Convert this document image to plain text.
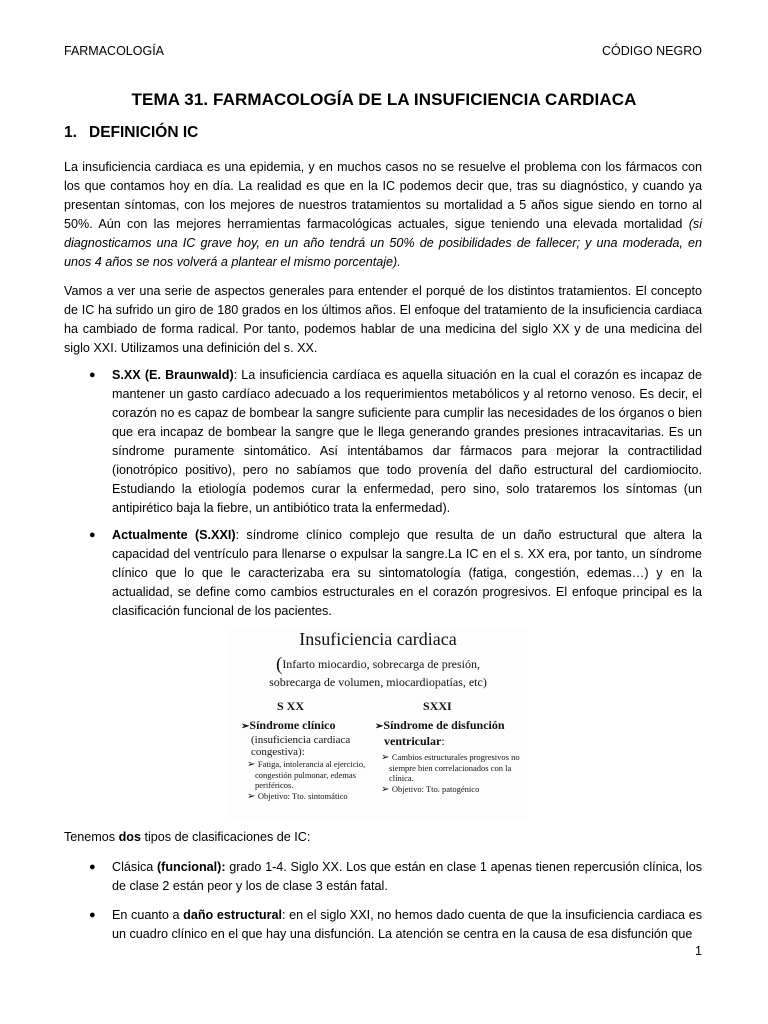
FARMACOLOGÍA	CÓDIGO NEGRO
TEMA 31. FARMACOLOGÍA DE LA INSUFICIENCIA CARDIACA
1. DEFINICIÓN IC
La insuficiencia cardiaca es una epidemia, y en muchos casos no se resuelve el problema con los fármacos con los que contamos hoy en día. La realidad es que en la IC podemos decir que, tras su diagnóstico, y cuando ya presentan síntomas, con los mejores de nuestros tratamientos su mortalidad a 5 años sigue siendo en torno al 50%. Aún con las mejores herramientas farmacológicas actuales, sigue teniendo una elevada mortalidad (si diagnosticamos una IC grave hoy, en un año tendrá un 50% de posibilidades de fallecer; y una moderada, en unos 4 años se nos volverá a plantear el mismo porcentaje).
Vamos a ver una serie de aspectos generales para entender el porqué de los distintos tratamientos. El concepto de IC ha sufrido un giro de 180 grados en los últimos años. El enfoque del tratamiento de la insuficiencia cardiaca ha cambiado de forma radical. Por tanto, podemos hablar de una medicina del siglo XX y de una medicina del siglo XXI. Utilizamos una definición del s. XX.
● S.XX (E. Braunwald): La insuficiencia cardíaca es aquella situación en la cual el corazón es incapaz de mantener un gasto cardíaco adecuado a los requerimientos metabólicos y al retorno venoso. Es decir, el corazón no es capaz de bombear la sangre suficiente para cumplir las necesidades de los órganos o bien que era incapaz de bombear la sangre que le llega generando grandes presiones intracavitarias. Es un síndrome puramente sintomático. Así intentábamos dar fármacos para mejorar la contractilidad (ionotrópico positivo), pero no sabíamos que todo provenía del daño estructural del cardiomiocito. Estudiando la etiología podemos curar la enfermedad, pero sino, solo trataremos los síntomas (un antipirético baja la fiebre, un antibiótico trata la enfermedad).
● Actualmente (S.XXI): síndrome clínico complejo que resulta de un daño estructural que altera la capacidad del ventrículo para llenarse o expulsar la sangre.La IC en el s. XX era, por tanto, un síndrome clínico que lo que le caracterizaba era su sintomatología (fatiga, congestión, edemas…) y en la actualidad, se define como cambios estructurales en el corazón progresivos. El enfoque principal es la clasificación funcional de los pacientes.
Insuficiencia cardiaca
(Infarto miocardio, sobrecarga de presión,
sobrecarga de volumen, miocardiopatías, etc)
S XX
➢Síndrome clínico
(insuficiencia cardiaca
congestiva):
➢ Fatiga, intolerancia al ejercicio, congestión pulmonar, edemas periféricos.
➢ Objetivo: Tto. sintomático
SXXI
➢Síndrome de disfunción
ventricular:
➢ Cambios estructurales progresivos no siempre bien correlacionados con la clínica.
➢ Objetivo: Tto. patogénico
Tenemos dos tipos de clasificaciones de IC:
● Clásica (funcional): grado 1-4. Siglo XX. Los que están en clase 1 apenas tienen repercusión clínica, los de clase 2 están peor y los de clase 3 están fatal.
● En cuanto a daño estructural: en el siglo XXI, no hemos dado cuenta de que la insuficiencia cardiaca es un cuadro clínico en el que hay una disfunción. La atención se centra en la causa de esa disfunción que
1
